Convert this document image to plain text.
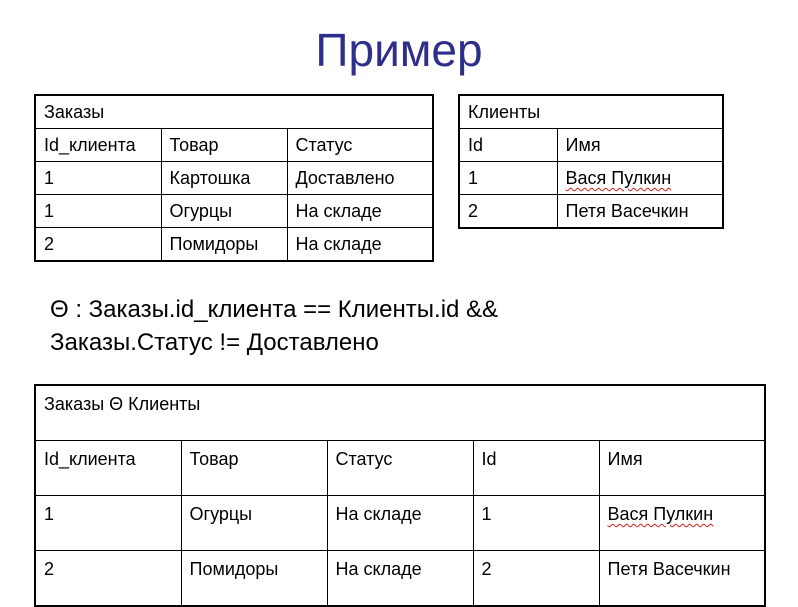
Пример
Заказы		
Id_клиента	Товар	Статус
1	Картошка	Доставлено
1	Огурцы	На складе
2	Помидоры	На складе
Клиенты	
Id	Имя
1	Вася Пулкин
2	Петя Васечкин
Θ : Заказы.id_клиента == Клиенты.id &&
Заказы.Статус != Доставлено
Заказы Θ Клиенты				
Id_клиента	Товар	Статус	Id	Имя
1	Огурцы	На складе	1	Вася Пулкин
2	Помидоры	На складе	2	Петя Васечкин
